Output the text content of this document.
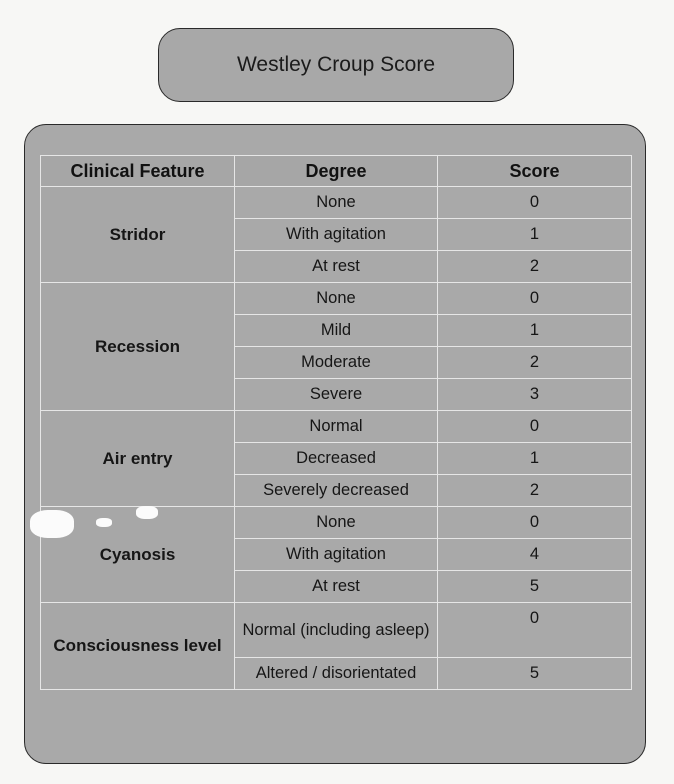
Westley Croup Score
Clinical Feature	Degree	Score
Stridor	None	0
	With agitation	1
	At rest	2
Recession	None	0
	Mild	1
	Moderate	2
	Severe	3
Air entry	Normal	0
	Decreased	1
	Severely decreased	2
Cyanosis	None	0
	With agitation	4
	At rest	5
Consciousness level	Normal (including asleep)	0
	Altered / disorientated	5
